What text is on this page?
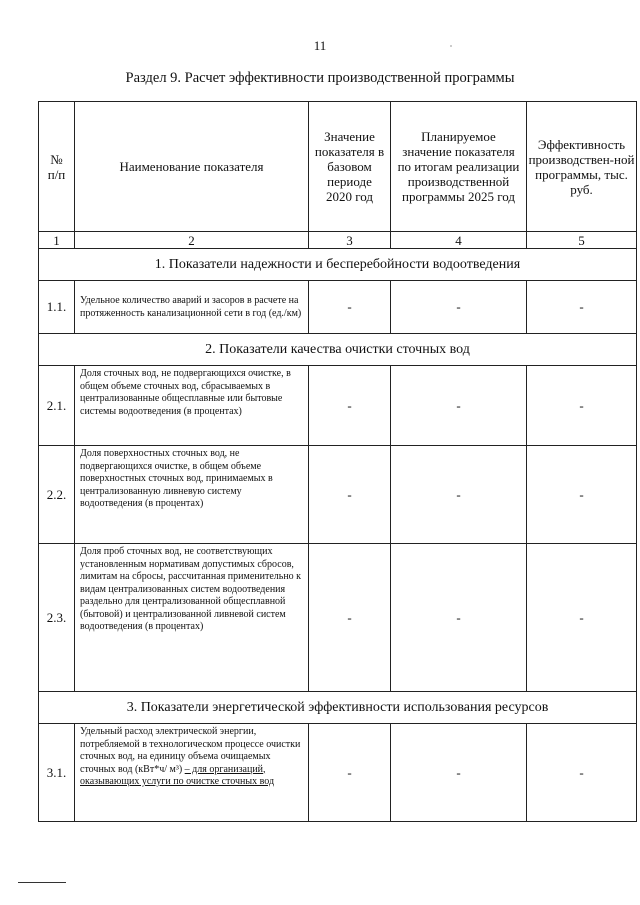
11
Раздел 9. Расчет эффективности производственной программы
№ п/п	Наименование показателя	Значение показателя в базовом периоде 2020 год	Планируемое значение показателя по итогам реализации производственной программы 2025 год	Эффективность производствен-ной программы, тыс. руб.

1	2	3	4	5
1. Показатели надежности и бесперебойности водоотведения				
1.1.	Удельное количество аварий и засоров в расчете на протяженность канализационной сети в год (ед./км)	-	-	-
2. Показатели качества очистки сточных вод				
2.1.	Доля сточных вод, не подвергающихся очистке, в общем объеме сточных вод, сбрасываемых в централизованные общесплавные или бытовые системы водоотведения (в процентах)	-	-	-
2.2.	Доля поверхностных сточных вод, не подвергающихся очистке, в общем объеме поверхностных сточных вод, принимаемых в централизованную ливневую систему водоотведения (в процентах)	-	-	-
2.3.	Доля проб сточных вод, не соответствующих установленным нормативам допустимых сбросов, лимитам на сбросы, рассчитанная применительно к видам централизованных систем водоотведения раздельно для централизованной общесплавной (бытовой) и централизованной ливневой систем водоотведения (в процентах)	-	-	-
3. Показатели энергетической эффективности использования ресурсов				
3.1.	Удельный расход электрической энергии, потребляемой в технологическом процессе очистки сточных вод, на единицу объема очищаемых сточных вод (кВт*ч/ м³) – для организаций, оказывающих услуги по очистке сточных вод	-	-	-
